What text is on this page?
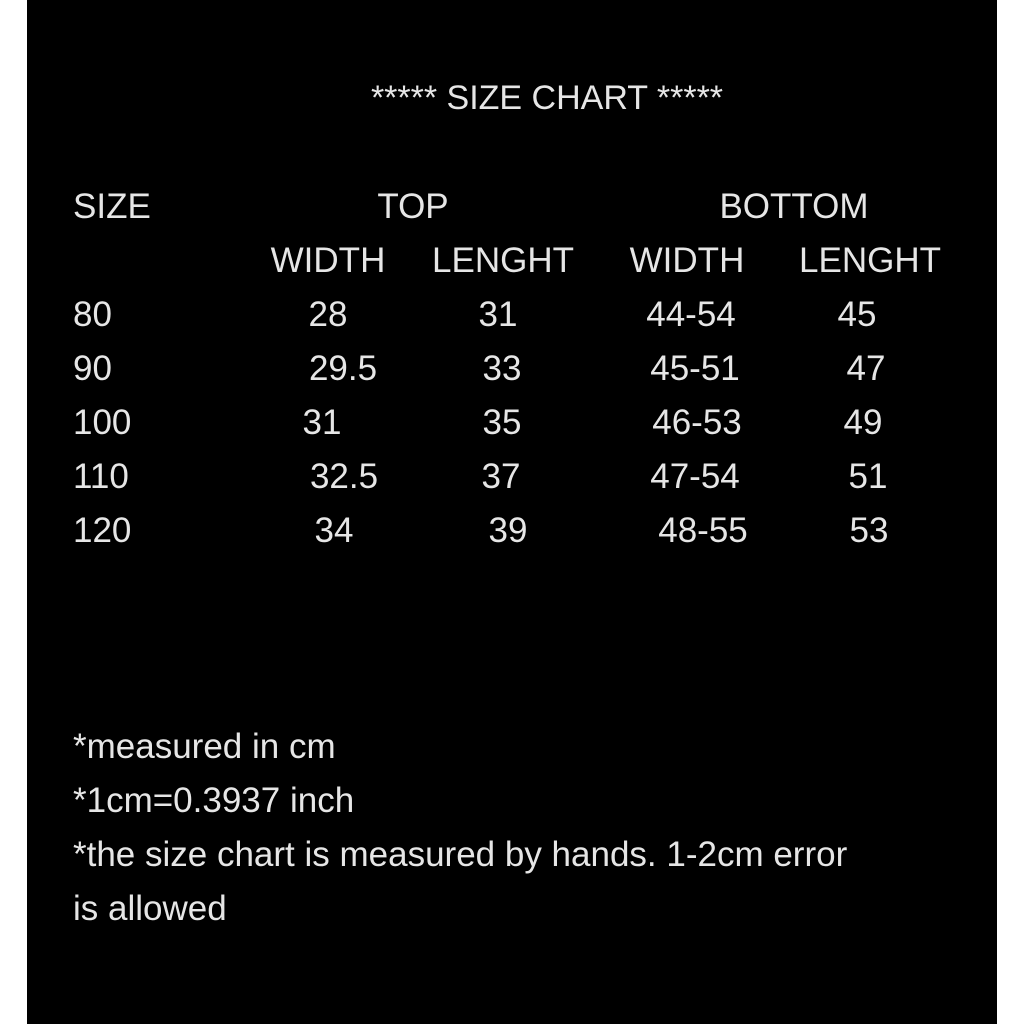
***** SIZE CHART *****
SIZE	TOP	BOTTOM
WIDTH LENGHT WIDTH LENGHT
80	28	31	44-54	45
90	29.5	33	45-51	47
100	31	35	46-53	49
110	32.5	37	47-54	51
120	34	39	48-55	53
*measured in cm
*1cm=0.3937 inch
*the size chart is measured by hands. 1-2cm error
is allowed
